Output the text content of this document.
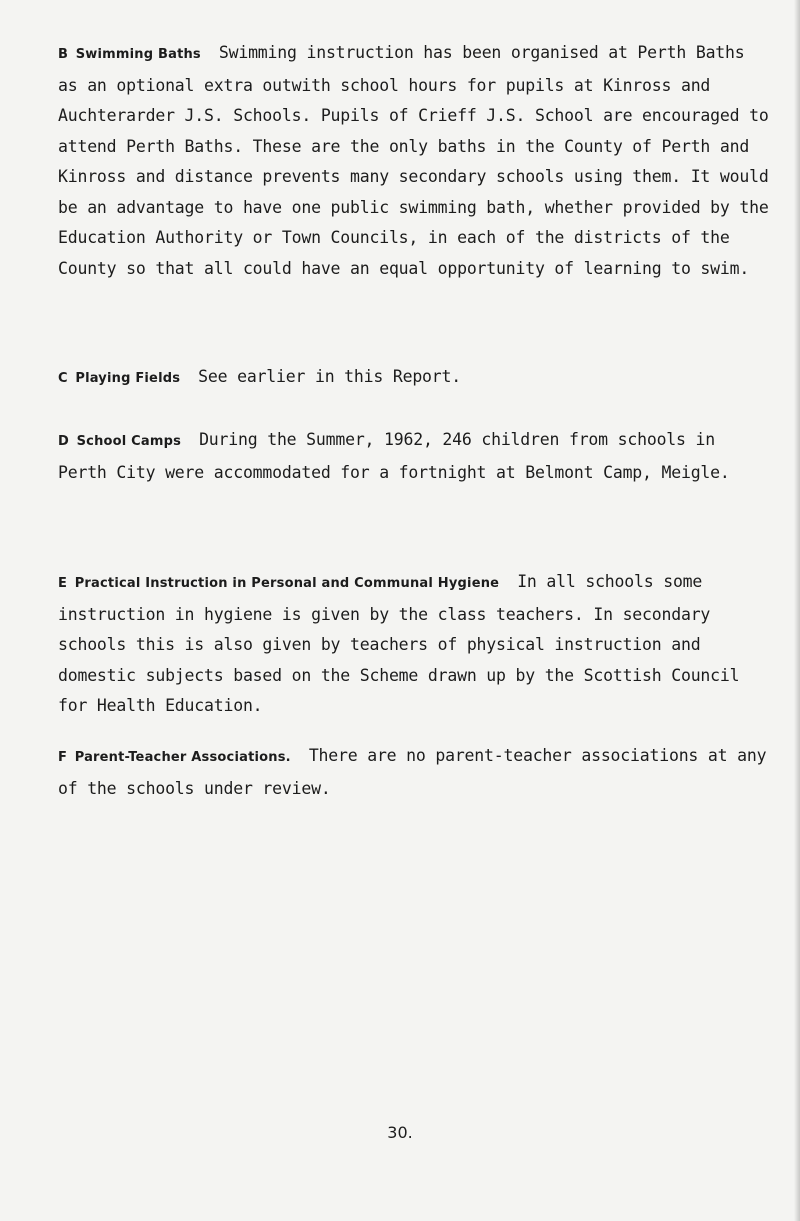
B Swimming Baths Swimming instruction has been organised at Perth Baths as an optional extra outwith school hours for pupils at Kinross and Auchterarder J.S. Schools. Pupils of Crieff J.S. School are encouraged to attend Perth Baths. These are the only baths in the County of Perth and Kinross and distance prevents many secondary schools using them. It would be an advantage to have one public swimming bath, whether provided by the Education Authority or Town Councils, in each of the districts of the County so that all could have an equal opportunity of learning to swim.

C Playing Fields See earlier in this Report.

D School Camps During the Summer, 1962, 246 children from schools in Perth City were accommodated for a fortnight at Belmont Camp, Meigle.

E Practical Instruction in Personal and Communal Hygiene In all schools some instruction in hygiene is given by the class teachers. In secondary schools this is also given by teachers of physical instruction and domestic subjects based on the Scheme drawn up by the Scottish Council for Health Education.

F Parent-Teacher Associations. There are no parent-teacher associations at any of the schools under review.

30.
